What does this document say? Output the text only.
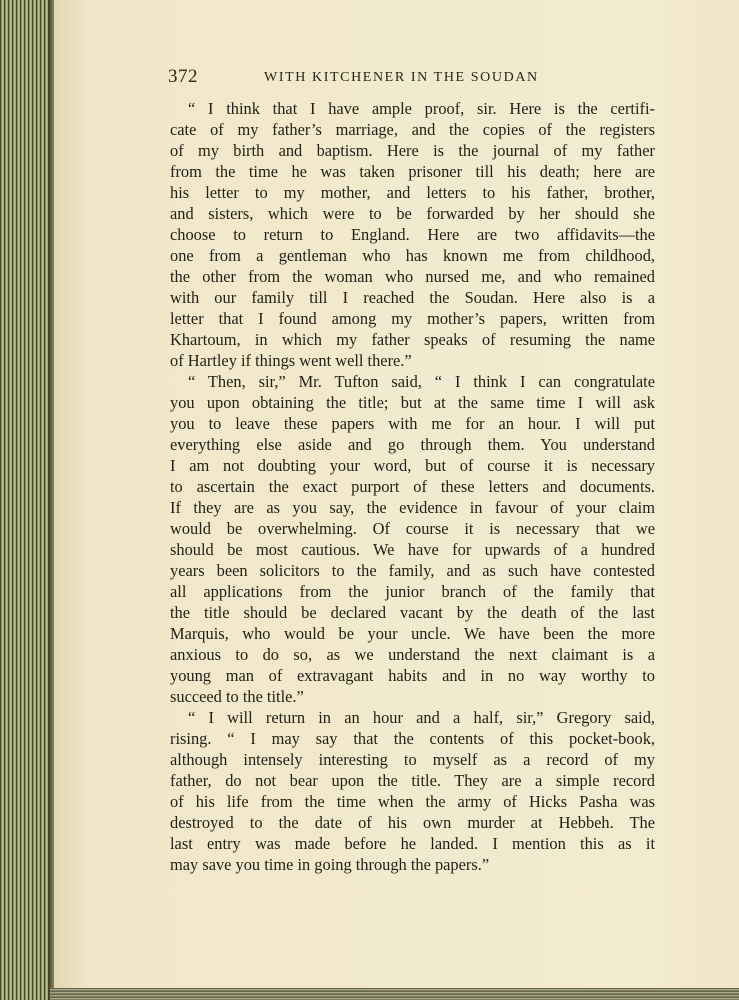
372	WITH KITCHENER IN THE SOUDAN
“ I think that I have ample proof, sir. Here is the certifi-
cate of my father’s marriage, and the copies of the registers
of my birth and baptism. Here is the journal of my father
from the time he was taken prisoner till his death; here are
his letter to my mother, and letters to his father, brother,
and sisters, which were to be forwarded by her should she
choose to return to England. Here are two affidavits—the
one from a gentleman who has known me from childhood,
the other from the woman who nursed me, and who remained
with our family till I reached the Soudan. Here also is a
letter that I found among my mother’s papers, written from
Khartoum, in which my father speaks of resuming the name
of Hartley if things went well there.”
“ Then, sir,” Mr. Tufton said, “ I think I can congratulate
you upon obtaining the title; but at the same time I will ask
you to leave these papers with me for an hour. I will put
everything else aside and go through them. You understand
I am not doubting your word, but of course it is necessary
to ascertain the exact purport of these letters and documents.
If they are as you say, the evidence in favour of your claim
would be overwhelming. Of course it is necessary that we
should be most cautious. We have for upwards of a hundred
years been solicitors to the family, and as such have contested
all applications from the junior branch of the family that
the title should be declared vacant by the death of the last
Marquis, who would be your uncle. We have been the more
anxious to do so, as we understand the next claimant is a
young man of extravagant habits and in no way worthy to
succeed to the title.”
“ I will return in an hour and a half, sir,” Gregory said,
rising. “ I may say that the contents of this pocket-book,
although intensely interesting to myself as a record of my
father, do not bear upon the title. They are a simple record
of his life from the time when the army of Hicks Pasha was
destroyed to the date of his own murder at Hebbeh. The
last entry was made before he landed. I mention this as it
may save you time in going through the papers.”
